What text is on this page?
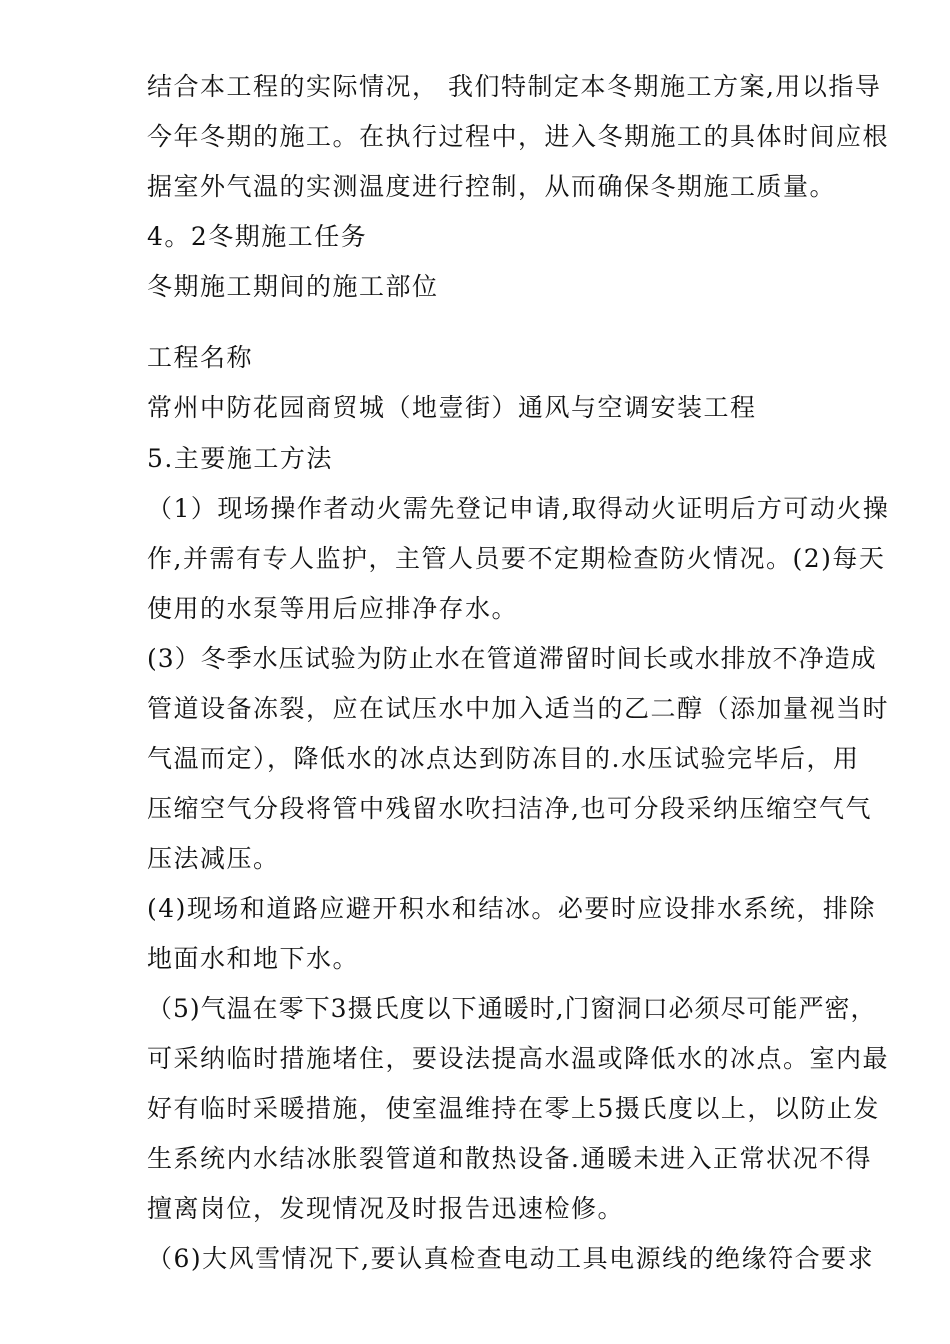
结合本工程的实际情况， 我们特制定本冬期施工方案,用以指导
今年冬期的施工。在执行过程中，进入冬期施工的具体时间应根
据室外气温的实测温度进行控制，从而确保冬期施工质量。
4。2冬期施工任务
冬期施工期间的施工部位
工程名称
常州中防花园商贸城（地壹街）通风与空调安装工程
5.主要施工方法
（1）现场操作者动火需先登记申请,取得动火证明后方可动火操
作,并需有专人监护，主管人员要不定期检查防火情况。(2)每天
使用的水泵等用后应排净存水。
(3）冬季水压试验为防止水在管道滞留时间长或水排放不净造成
管道设备冻裂，应在试压水中加入适当的乙二醇（添加量视当时
气温而定），降低水的冰点达到防冻目的.水压试验完毕后，用
压缩空气分段将管中残留水吹扫洁净,也可分段采纳压缩空气气
压法减压。
(4)现场和道路应避开积水和结冰。必要时应设排水系统，排除
地面水和地下水。
（5)气温在零下3摄氏度以下通暖时,门窗洞口必须尽可能严密，
可采纳临时措施堵住，要设法提高水温或降低水的冰点。室内最
好有临时采暖措施，使室温维持在零上5摄氏度以上，以防止发
生系统内水结冰胀裂管道和散热设备.通暖未进入正常状况不得
擅离岗位，发现情况及时报告迅速检修。
（6)大风雪情况下,要认真检查电动工具电源线的绝缘符合要求
